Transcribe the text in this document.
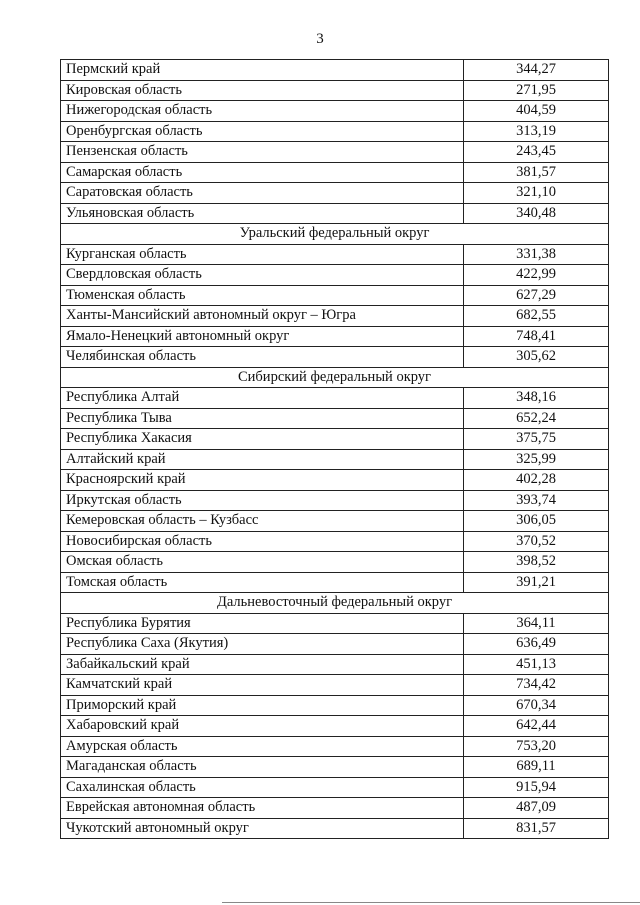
3
Пермский край	344,27
Кировская область	271,95
Нижегородская область	404,59
Оренбургская область	313,19
Пензенская область	243,45
Самарская область	381,57
Саратовская область	321,10
Ульяновская область	340,48
Уральский федеральный округ	
Курганская область	331,38
Свердловская область	422,99
Тюменская область	627,29
Ханты-Мансийский автономный округ – Югра	682,55
Ямало-Ненецкий автономный округ	748,41
Челябинская область	305,62
Сибирский федеральный округ	
Республика Алтай	348,16
Республика Тыва	652,24
Республика Хакасия	375,75
Алтайский край	325,99
Красноярский край	402,28
Иркутская область	393,74
Кемеровская область – Кузбасс	306,05
Новосибирская область	370,52
Омская область	398,52
Томская область	391,21
Дальневосточный федеральный округ	
Республика Бурятия	364,11
Республика Саха (Якутия)	636,49
Забайкальский край	451,13
Камчатский край	734,42
Приморский край	670,34
Хабаровский край	642,44
Амурская область	753,20
Магаданская область	689,11
Сахалинская область	915,94
Еврейская автономная область	487,09
Чукотский автономный округ	831,57
